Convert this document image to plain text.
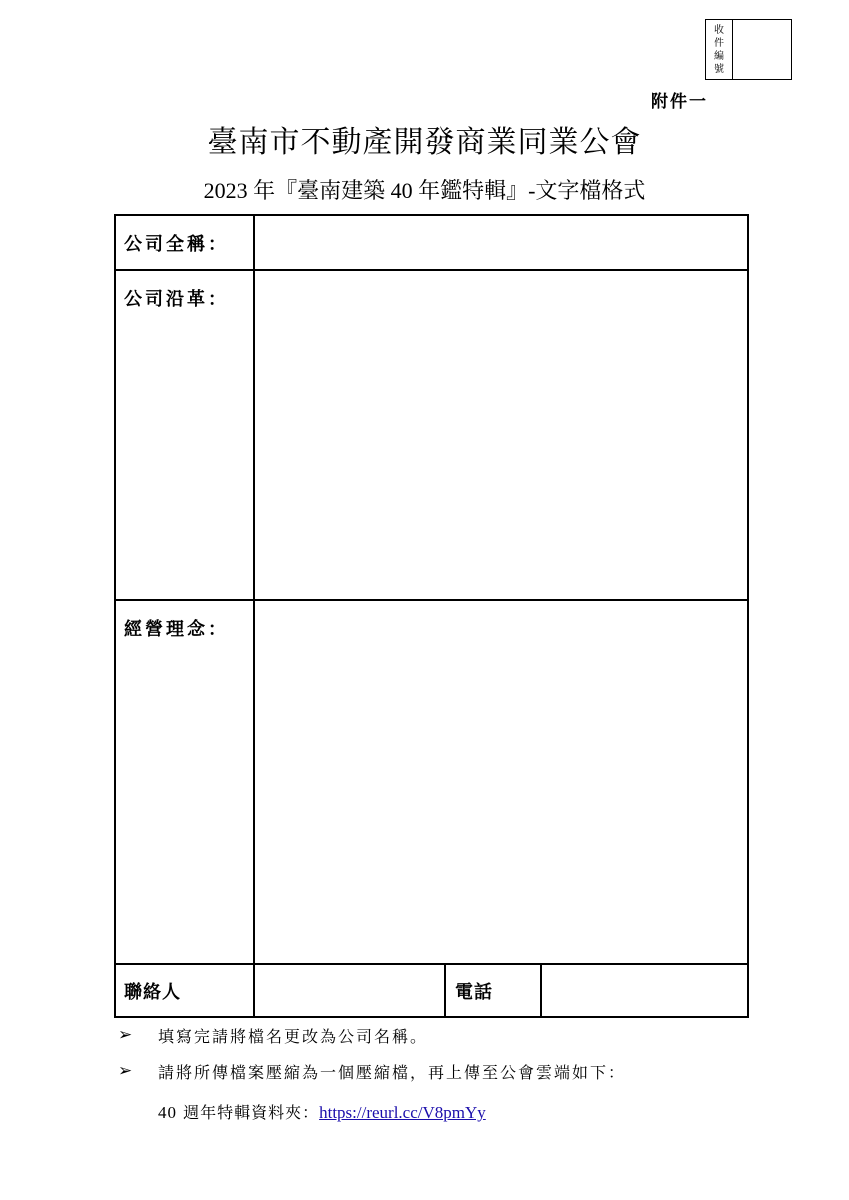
收
件
編
號
附件一
臺南市不動產開發商業同業公會
2023 年『臺南建築 40 年鑑特輯』-文字檔格式
公司全稱：
公司沿革：
經營理念：
聯絡人	電話
➢ 填寫完請將檔名更改為公司名稱。
➢ 請將所傳檔案壓縮為一個壓縮檔，再上傳至公會雲端如下：
40 週年特輯資料夾：https://reurl.cc/V8pmYy
